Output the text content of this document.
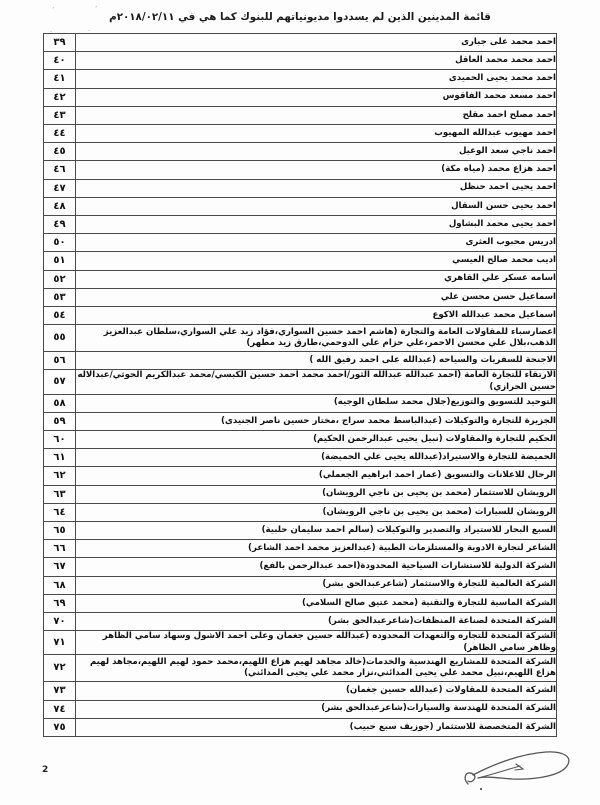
٬	٬
.	.
قائمة المدينين الذين لم يسددوا مديونياتهم للبنوك كما هي في ٢٠١٨/٠٢/١١م
احمد محمد على جبارى	٣٩
احمد محمد محمد العاقل	٤٠
احمد محمد يحيى الحميدى	٤١
احمد مسعد محمد الفاقوس	٤٢
احمد مصلح احمد مقلح	٤٣
احمد مهيوب عبدالله المهيوب	٤٤
احمد ناجي سعد الوعيل	٤٥
احمد هزاع محمد (مياه مكة)	٤٦
احمد يحيى احمد حنظل	٤٧
احمد يحيى حسن السقال	٤٨
احمد يحيى محمد البشاول	٤٩
ادريس محبوب العثرى	٥٠
اديب محمد صالح العيسي	٥١
اسامه عسكر علي القاهري	٥٢
اسماعيل حسن محسن علي	٥٣
اسماعيل محمد عبدالله الاكوع	٥٤
اعصارسباء للمقاولات العامة والتجارة (هاشم احمد حسين السواري،فؤاد زيد علي السواري،سلطان عبدالعزيز الذهب،بلال علي محسن الاحمر،علي حزام علي الدوحمي،طارق زيد مطهر)	٥٥
الاجنحة للسفريات والسياحه (عبدالله على احمد رفيق الله )	٥٦
الارتقاء للتجارة العامة (احمد عبدالله عبدالله الثور/احمد محمد احمد حسين الكبسي/محمد عبدالكريم الحوثي/عبدالاله حسين الحرازي)	٥٧
التوحيد للتسويق والتوزيع(جلال محمد سلطان الوجيه)	٥٨
الجزيرة للتجارة والتوكيلات (عبدالباسط محمد سراج ،مختار حسين ناصر الجنيدى)	٥٩
الحكيم للتجارة والمقاولات (نبيل يحيى عبدالرحمن الحكيم)	٦٠
الحميضة للتجارة والاستيراد(عبدالله يحيى علي الحميضة)	٦١
الرحال للاعلانات والتسويق (عمار احمد ابراهيم الجعملي)	٦٢
الرويشان للاستثمار (محمد بن يحيى بن ناجي الرويشان)	٦٣
الرويشان للسيارات (محمد بن يحيى بن ناجي الرويشان)	٦٤
السبع البحار للاستيراد والتصدير والتوكيلات (سالم احمد سليمان حلبية)	٦٥
الشاعر لتجارة الادوية والمستلزمات الطبية (عبدالعزيز محمد احمد الشاعر)	٦٦
الشركة الدولية للاستشارات السياحية المحدودة(احمد عبدالرحمن بالفع)	٦٧
الشركة العالمية للتجارة والاستثمار (شاعرعبدالحق بشر)	٦٨
الشركة الماسية للتجارة والتقنية (محمد عتيق صالح السلامي)	٦٩
الشركة المتحدة لصناعة المنظفات(شاعرعبدالحق بشر)	٧٠
الشركة المتحدة للتجاره والتعهدات المحدوده (عبدالله حسين جغمان وعلى احمد الاشول وسهاد سامي الظاهر وظاهر سامي الظاهر)	٧١
الشركة المتحدة للمشاريع الهندسية والخدمات(خالد مجاهد لهيم هزاع اللهيم،محمد حمود لهيم اللهيم،مجاهد لهيم هزاع اللهيم،نبيل محمد علي يحيى المدائني،نزار محمد علي يحيى المدائني)	٧٢
الشركة المتحدة للمقاولات (عبدالله حسين جغمان)	٧٣
الشركة المتحدة للهندسة والسيارات(شاعرعبدالحق بشر)	٧٤
الشركة المتخصصة للاستثمار (جوزيف سبع حبيب)	٧٥
2
